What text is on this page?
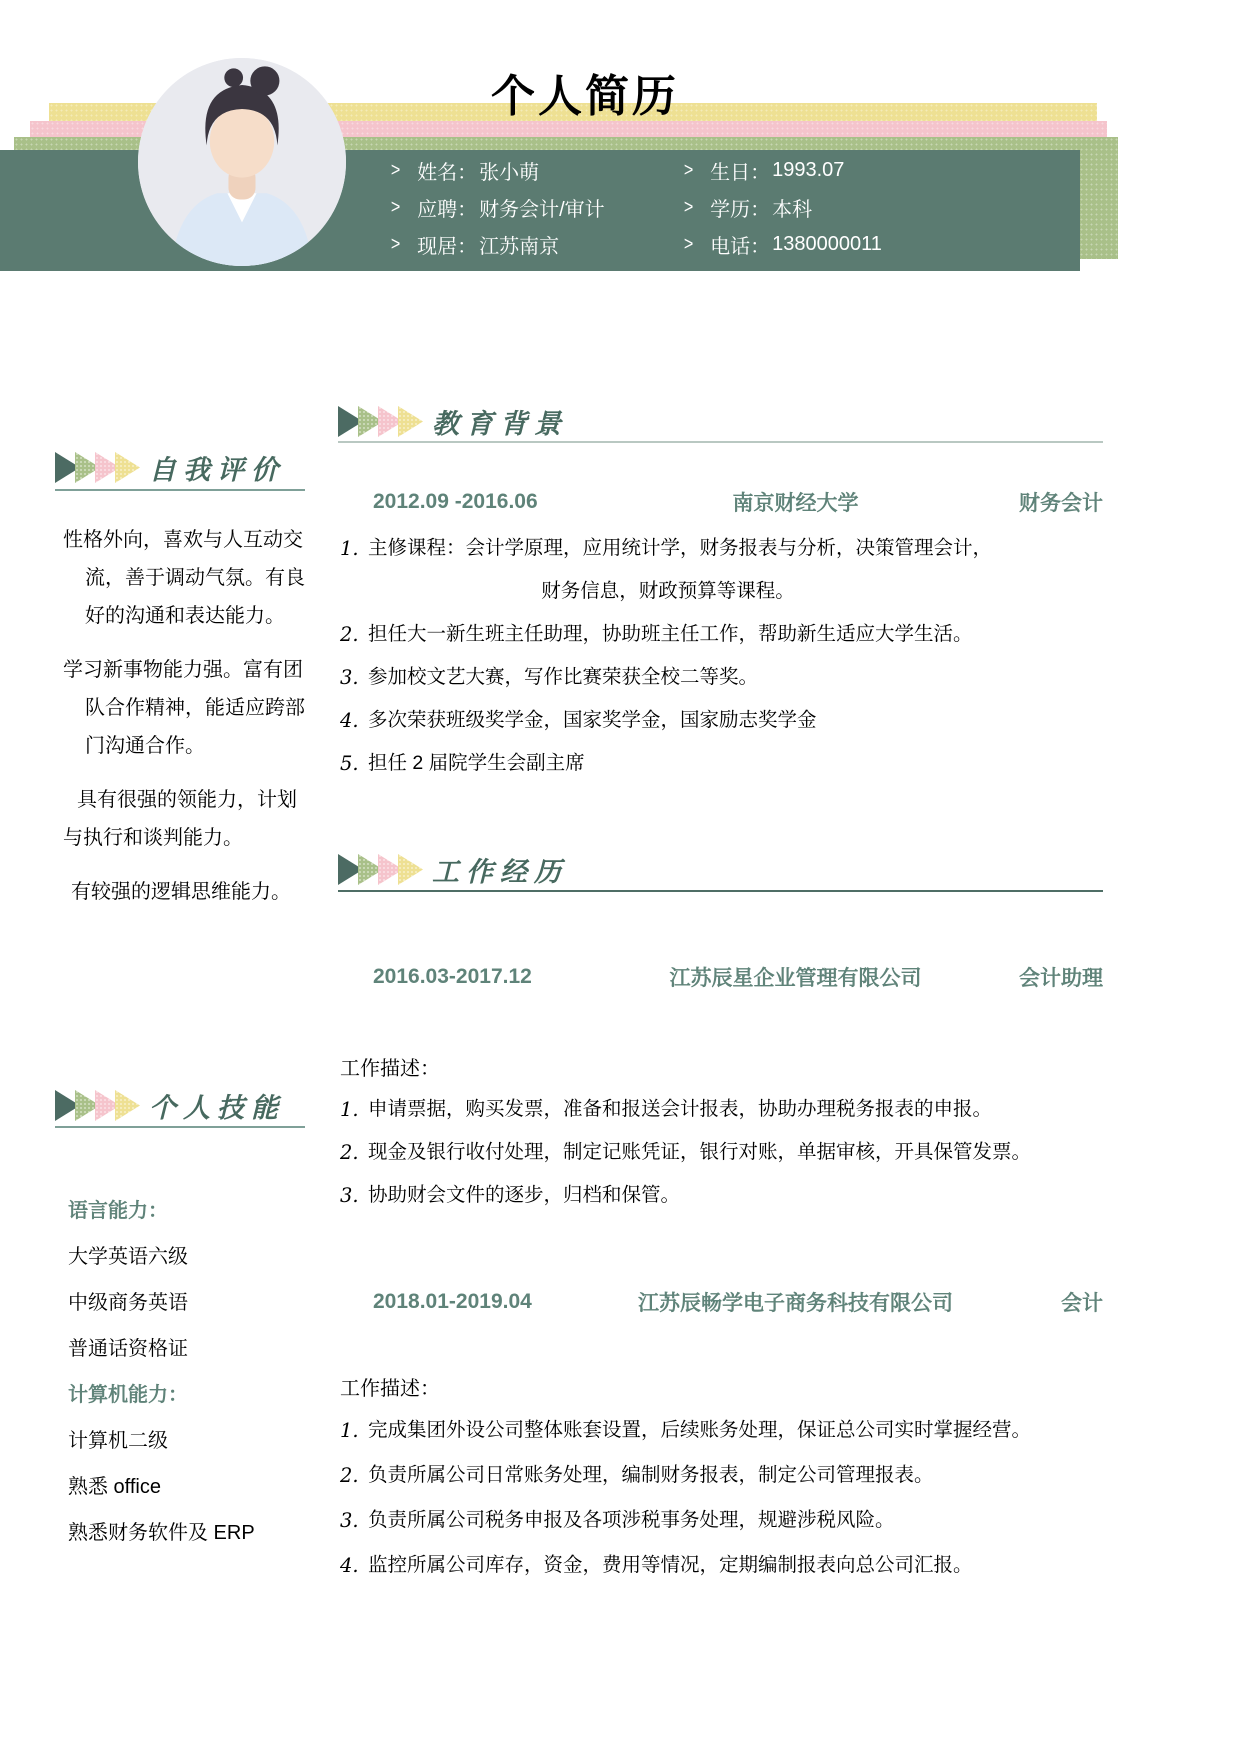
个人简历
> 姓名： 张小萌
> 应聘： 财务会计/审计
> 现居： 江苏南京
> 生日： 1993.07
> 学历： 本科
> 电话： 1380000011
自我评价

性格外向，喜欢与人互动交流，善于调动气氛。有良好的沟通和表达能力。

学习新事物能力强。富有团队合作精神，能适应跨部门沟通合作。

具有很强的领能力，计划与执行和谈判能力。

有较强的逻辑思维能力。

个人技能
语言能力：
大学英语六级
中级商务英语
普通话资格证
计算机能力：
计算机二级
熟悉 office
熟悉财务软件及 ERP
教育背景
2012.09 -2016.06	南京财经大学	财务会计
1. 主修课程：会计学原理，应用统计学，财务报表与分析，决策管理会计，
财务信息，财政预算等课程。
2. 担任大一新生班主任助理，协助班主任工作，帮助新生适应大学生活。
3. 参加校文艺大赛，写作比赛荣获全校二等奖。
4. 多次荣获班级奖学金，国家奖学金，国家励志奖学金
5. 担任 2 届院学生会副主席
工作经历
2016.03-2017.12	江苏辰星企业管理有限公司	会计助理
工作描述：
1. 申请票据，购买发票，准备和报送会计报表，协助办理税务报表的申报。
2. 现金及银行收付处理，制定记账凭证，银行对账，单据审核，开具保管发票。
3. 协助财会文件的逐步，归档和保管。
2018.01-2019.04	江苏辰畅学电子商务科技有限公司	会计
工作描述：
1. 完成集团外设公司整体账套设置，后续账务处理，保证总公司实时掌握经营。
2. 负责所属公司日常账务处理，编制财务报表，制定公司管理报表。
3. 负责所属公司税务申报及各项涉税事务处理，规避涉税风险。
4. 监控所属公司库存，资金，费用等情况，定期编制报表向总公司汇报。
